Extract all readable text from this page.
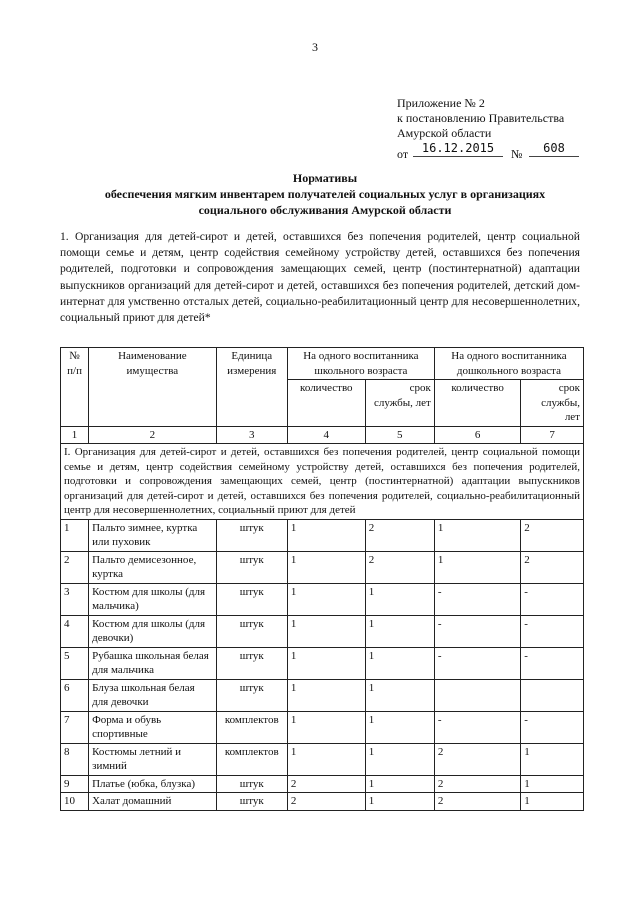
3
Приложение № 2
к постановлению Правительства
Амурской области
от	16.12.2015	№	608
Нормативы
обеспечения мягким инвентарем получателей социальных услуг в организациях
социального обслуживания Амурской области
1. Организация для детей-сирот и детей, оставшихся без попечения родителей, центр социальной помощи семье и детям, центр содействия семейному устройству детей, оставшихся без попечения родителей, подготовки и сопровождения замещающих семей, центр (постинтернатной) адаптации выпускников организаций для детей-сирот и детей, оставшихся без попечения родителей, детский дом-интернат для умственно отсталых детей, социально-реабилитационный центр для несовершеннолетних, социальный приют для детей*
№ п/п	Наименование имущества	Единица измерения	На одного воспитанника школьного возраста		На одного воспитанника дошкольного возраста	
			количество	срок службы, лет	количество	срок службы, лет
1	2	3	4	5	6	7
I. Организация для детей-сирот и детей, оставшихся без попечения родителей, центр социальной помощи семье и детям, центр содействия семейному устройству детей, оставшихся без попечения родителей, подготовки и сопровождения замещающих семей, центр (постинтернатной) адаптации выпускников организаций для детей-сирот и детей, оставшихся без попечения родителей, социально-реабилитационный центр для несовершеннолетних, социальный приют для детей						
1	Пальто зимнее, куртка или пуховик	штук	1	2	1	2
2	Пальто демисезонное, куртка	штук	1	2	1	2
3	Костюм для школы (для мальчика)	штук	1	1	-	-
4	Костюм для школы (для девочки)	штук	1	1	-	-
5	Рубашка школьная белая для мальчика	штук	1	1	-	-
6	Блуза школьная белая для девочки	штук	1	1		
7	Форма и обувь спортивные	комплектов	1	1	-	-
8	Костюмы летний и зимний	комплектов	1	1	2	1
9	Платье (юбка, блузка)	штук	2	1	2	1
10	Халат домашний	штук	2	1	2	1
